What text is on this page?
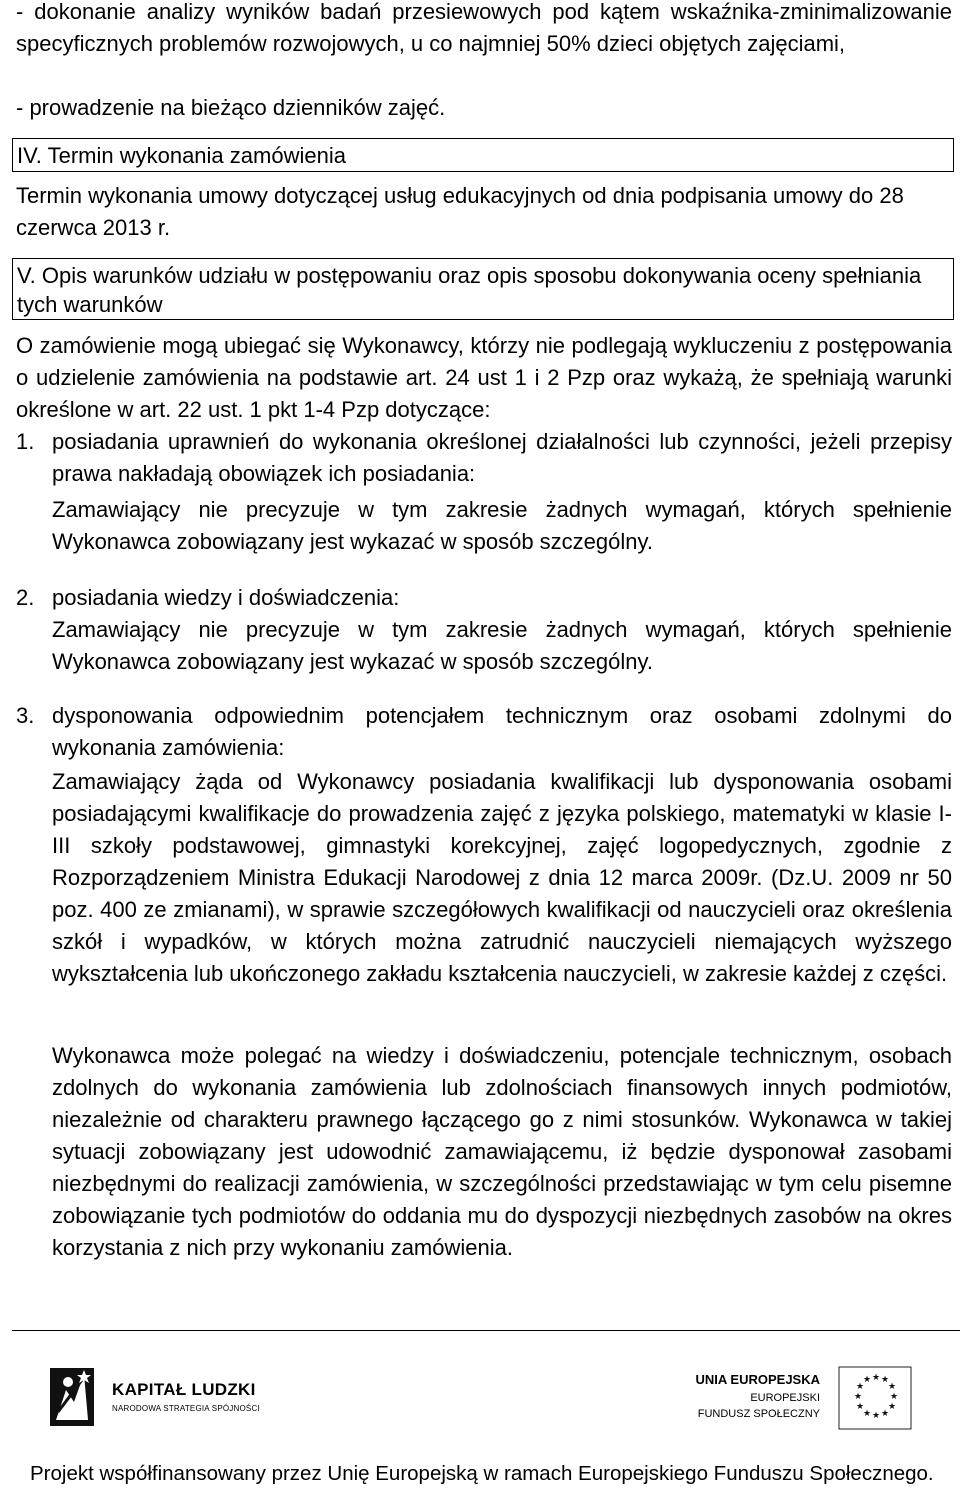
- dokonanie analizy wyników badań przesiewowych pod kątem wskaźnika-zminimalizowanie specyficznych problemów rozwojowych, u co najmniej 50% dzieci objętych zajęciami,

- prowadzenie na bieżąco dzienników zajęć.

IV. Termin wykonania zamówienia

Termin wykonania umowy dotyczącej usług edukacyjnych od dnia podpisania umowy do 28 czerwca 2013 r.

V. Opis warunków udziału w postępowaniu oraz opis sposobu dokonywania oceny spełniania tych warunków

O zamówienie mogą ubiegać się Wykonawcy, którzy nie podlegają wykluczeniu z postępowania o udzielenie zamówienia na podstawie art. 24 ust 1 i 2 Pzp oraz wykażą, że spełniają warunki określone w art. 22 ust. 1 pkt 1-4 Pzp dotyczące:

1. posiadania uprawnień do wykonania określonej działalności lub czynności, jeżeli przepisy prawa nakładają obowiązek ich posiadania:

Zamawiający nie precyzuje w tym zakresie żadnych wymagań, których spełnienie Wykonawca zobowiązany jest wykazać w sposób szczególny.

2. posiadania wiedzy i doświadczenia:

Zamawiający nie precyzuje w tym zakresie żadnych wymagań, których spełnienie Wykonawca zobowiązany jest wykazać w sposób szczególny.

3. dysponowania odpowiednim potencjałem technicznym oraz osobami zdolnymi do wykonania zamówienia:

Zamawiający żąda od Wykonawcy posiadania kwalifikacji lub dysponowania osobami posiadającymi kwalifikacje do prowadzenia zajęć z języka polskiego, matematyki w klasie I-III szkoły podstawowej, gimnastyki korekcyjnej, zajęć logopedycznych, zgodnie z Rozporządzeniem Ministra Edukacji Narodowej z dnia 12 marca 2009r. (Dz.U. 2009 nr 50 poz. 400 ze zmianami), w sprawie szczegółowych kwalifikacji od nauczycieli oraz określenia szkół i wypadków, w których można zatrudnić nauczycieli niemających wyższego wykształcenia lub ukończonego zakładu kształcenia nauczycieli, w zakresie każdej z części.

Wykonawca może polegać na wiedzy i doświadczeniu, potencjale technicznym, osobach zdolnych do wykonania zamówienia lub zdolnościach finansowych innych podmiotów, niezależnie od charakteru prawnego łączącego go z nimi stosunków. Wykonawca w takiej sytuacji zobowiązany jest udowodnić zamawiającemu, iż będzie dysponował zasobami niezbędnymi do realizacji zamówienia, w szczególności przedstawiając w tym celu pisemne zobowiązanie tych podmiotów do oddania mu do dyspozycji niezbędnych zasobów na okres korzystania z nich przy wykonaniu zamówienia.

KAPITAŁ LUDZKI
NARODOWA STRATEGIA SPÓJNOŚCI
UNIA EUROPEJSKA
EUROPEJSKI
FUNDUSZ SPOŁECZNY
★ ★
★
★
★
★
★
★
★
★
★
★
Projekt współfinansowany przez Unię Europejską w ramach Europejskiego Funduszu Społecznego.
